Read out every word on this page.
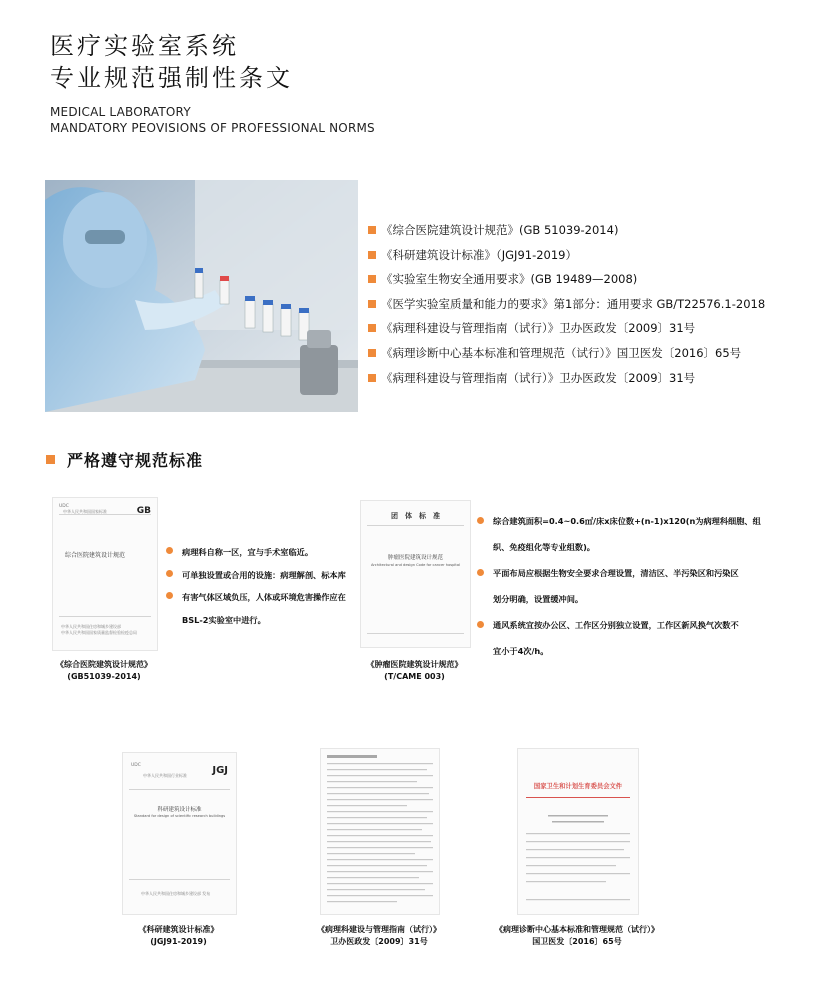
医疗实验室系统
专业规范强制性条文
MEDICAL LABORATORY
MANDATORY PEOVISIONS OF PROFESSIONAL NORMS
《综合医院建筑设计规范》(GB 51039-2014)
《科研建筑设计标准》（JGJ91-2019）
《实验室生物安全通用要求》(GB 19489—2008)
《医学实验室质量和能力的要求》第1部分：通用要求 GB/T22576.1-2018
《病理科建设与管理指南（试行）》卫办医政发〔2009〕31号
《病理诊断中心基本标准和管理规范（试行）》国卫医发〔2016〕65号
《病理科建设与管理指南（试行）》卫办医政发〔2009〕31号
严格遵守规范标准
UDC
中华人民共和国国家标准	GB
综合医院建筑设计规范
中华人民共和国住房和城乡建设部
中华人民共和国国家质量监督检验检疫总局
《综合医院建筑设计规范》
(GB51039-2014)
病理科自称一区，宜与手术室临近。
可单独设置或合用的设施：病理解剖、标本库
有害气体区域负压，人体或环境危害操作应在
BSL-2实验室中进行。
团　体　标　准
肿瘤医院建筑设计规范
Architectural and design Code for cancer hospital
《肿瘤医院建筑设计规范》
(T/CAME 003)
综合建筑面积=0.4~0.6㎡/床x床位数+(n-1)x120(n为病理科细胞、组
织、免疫组化等专业组数)。
平面布局应根据生物安全要求合理设置，清洁区、半污染区和污染区
划分明确，设置缓冲间。
通风系统宜按办公区、工作区分别独立设置，工作区新风换气次数不
宜小于4次/h。
UDC
中华人民共和国行业标准	JGJ
科研建筑设计标准
Standard for design of scientific research buildings
中华人民共和国住房和城乡建设部 发布
《科研建筑设计标准》
(JGJ91-2019)
《病理科建设与管理指南（试行）》
卫办医政发〔2009〕31号
国家卫生和计划生育委员会文件
《病理诊断中心基本标准和管理规范（试行）》
国卫医发〔2016〕65号
